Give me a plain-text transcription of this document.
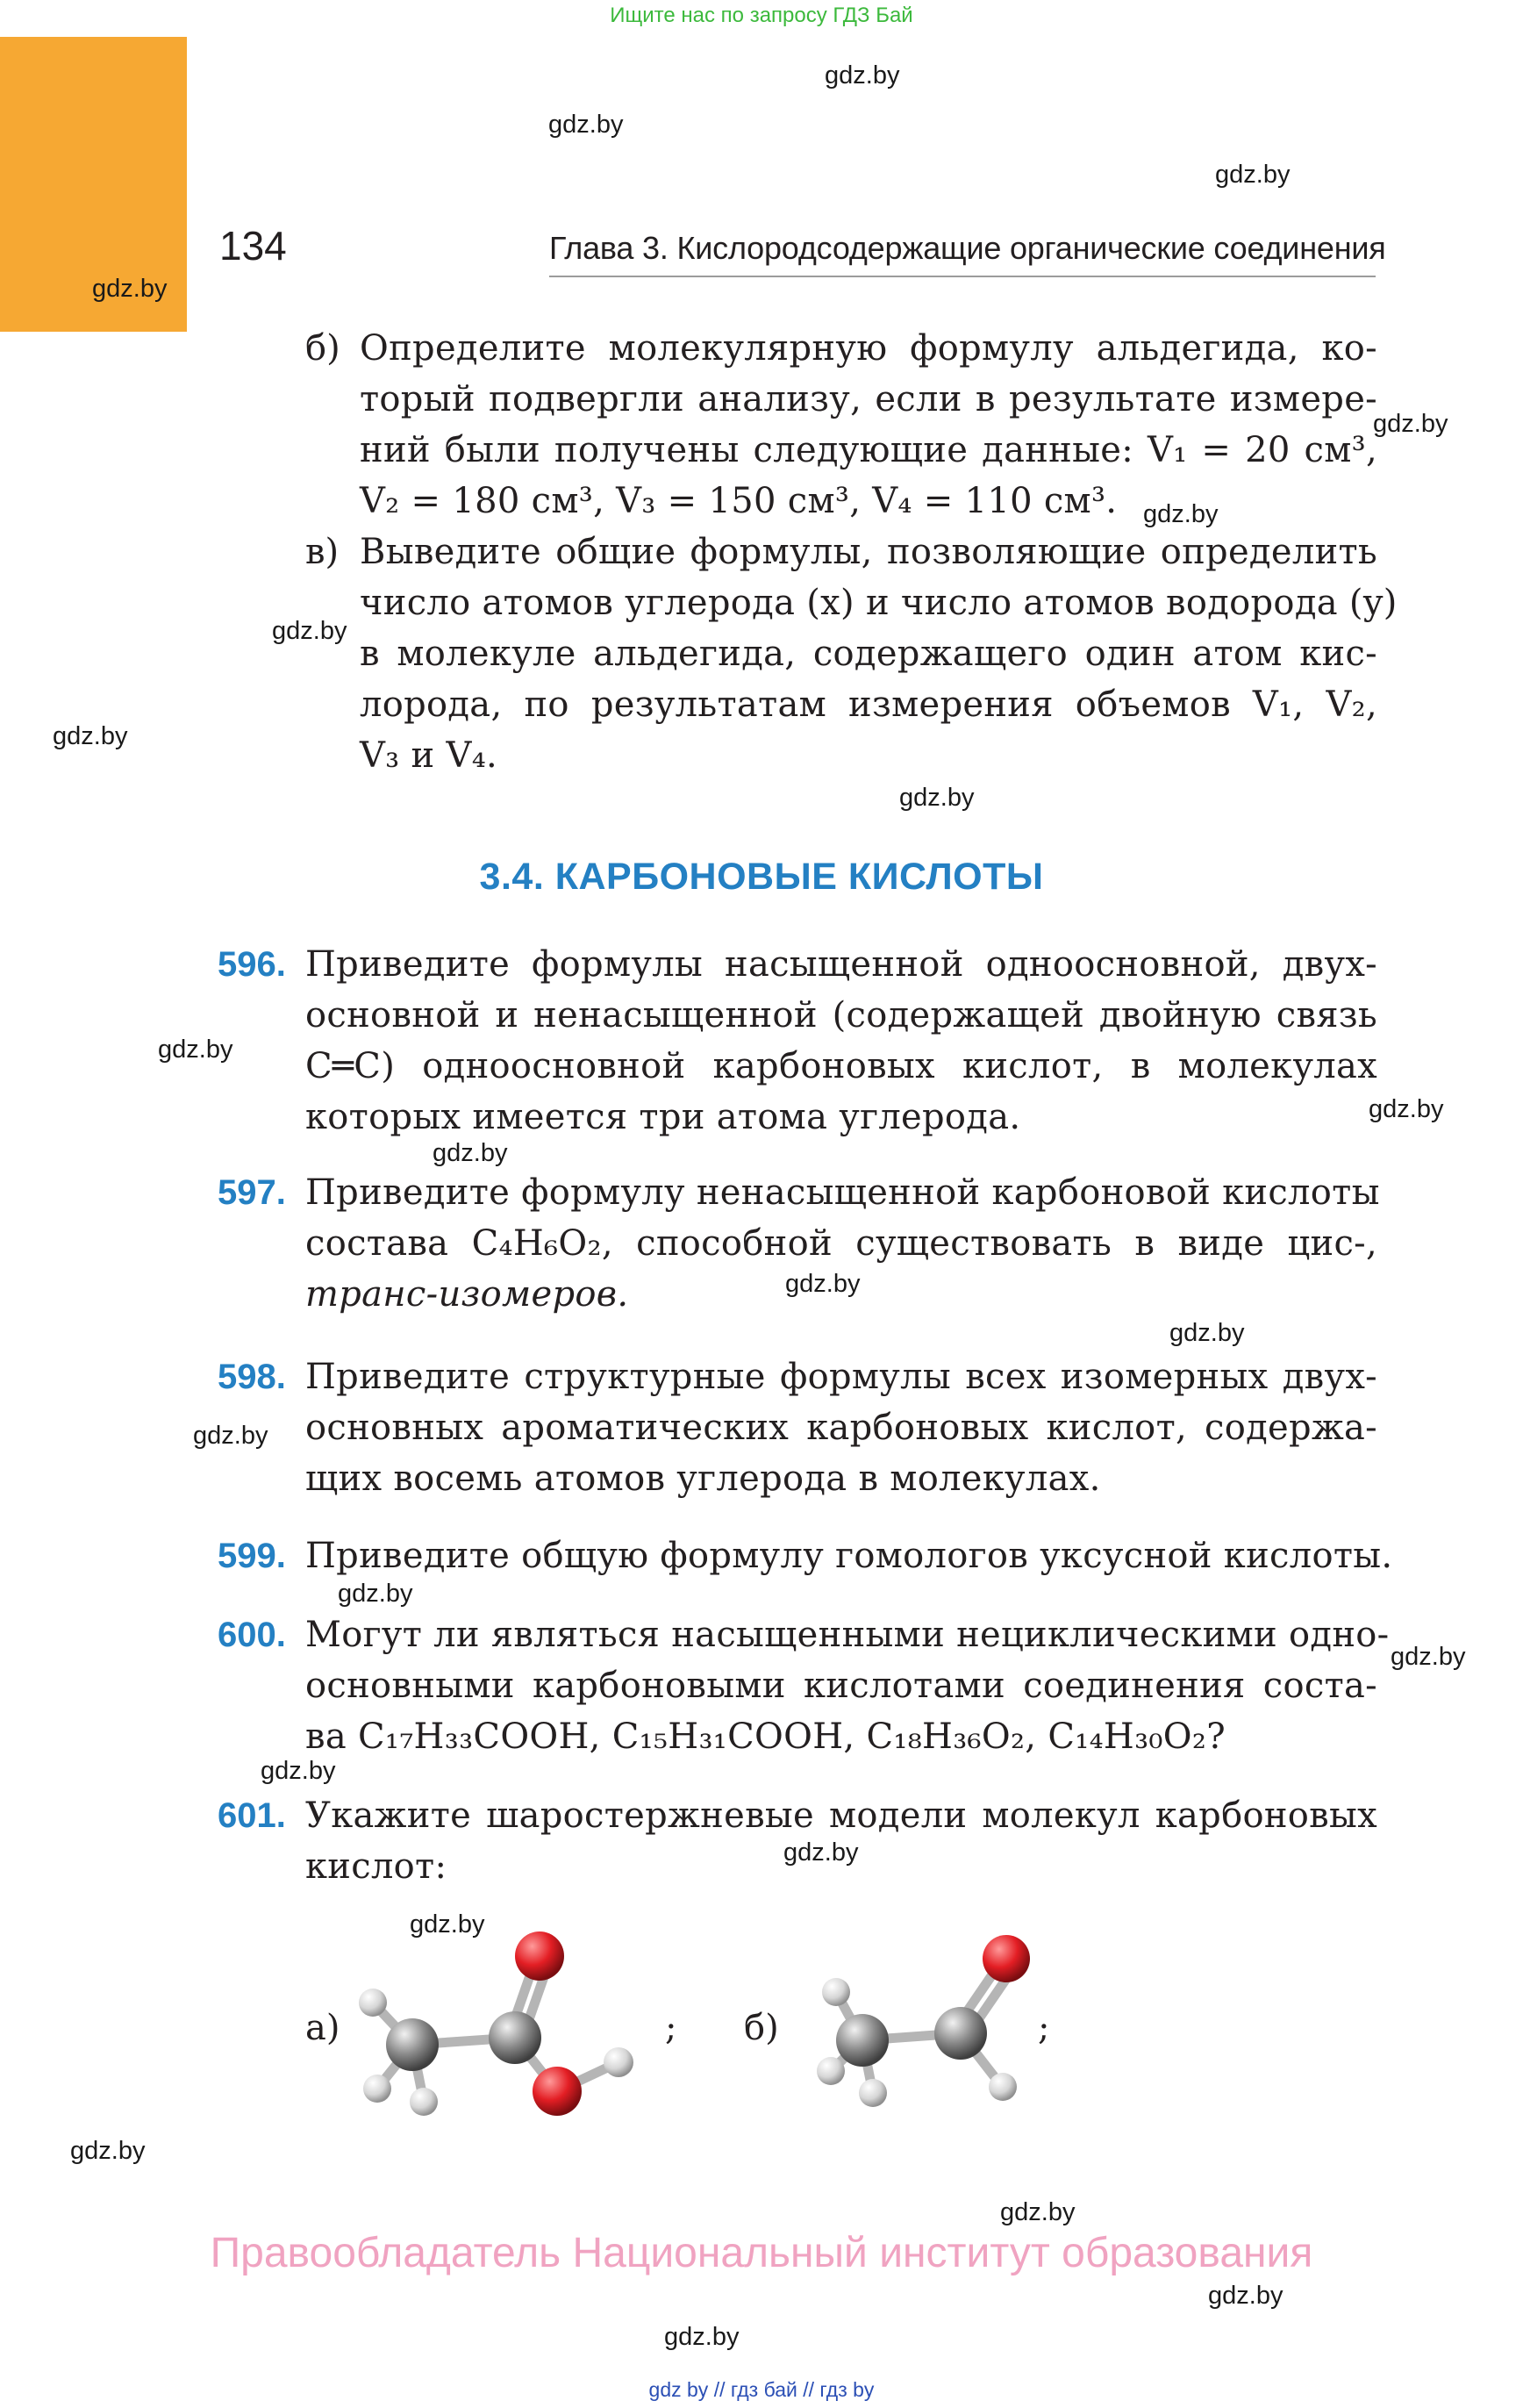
Ищите нас по запросу ГДЗ Бай
gdz.by
gdz.by
gdz.by
gdz.by
gdz.by
gdz.by
gdz.by
gdz.by
gdz.by
gdz.by
gdz.by
gdz.by
gdz.by
gdz.by
gdz.by
gdz.by
gdz.by
gdz.by
gdz.by
gdz.by
gdz.by
gdz.by
gdz.by
gdz.by
134	Глава 3. Кислородсодержащие органические соединения
б) Определите молекулярную формулу альдегида, ко-
торый подвергли анализу, если в результате измере-
ний были получены следующие данные: V₁ = 20 см³,
V₂ = 180 см³, V₃ = 150 см³, V₄ = 110 см³.
в) Выведите общие формулы, позволяющие определить
число атомов углерода (x) и число атомов водорода (y)
в молекуле альдегида, содержащего один атом кис-
лорода, по результатам измерения объемов V₁, V₂,
V₃ и V₄.
3.4. КАРБОНОВЫЕ КИСЛОТЫ
596. Приведите формулы насыщенной одноосновной, двух-
основной и ненасыщенной (содержащей двойную связь
C═C) одноосновной карбоновых кислот, в молекулах
которых имеется три атома углерода.
597. Приведите формулу ненасыщенной карбоновой кислоты
состава C₄H₆O₂, способной существовать в виде цис-,
транс-изомеров.
598. Приведите структурные формулы всех изомерных двух-
основных ароматических карбоновых кислот, содержа-
щих восемь атомов углерода в молекулах.
599. Приведите общую формулу гомологов уксусной кислоты.
600. Могут ли являться насыщенными нециклическими одно-
основными карбоновыми кислотами соединения соста-
ва C₁₇H₃₃COOH, C₁₅H₃₁COOH, C₁₈H₃₆O₂, C₁₄H₃₀O₂?
601. Укажите шаростержневые модели молекул карбоновых
кислот:
а)	; б)	;
Правообладатель Национальный институт образования
gdz by // гдз бай // гдз by
